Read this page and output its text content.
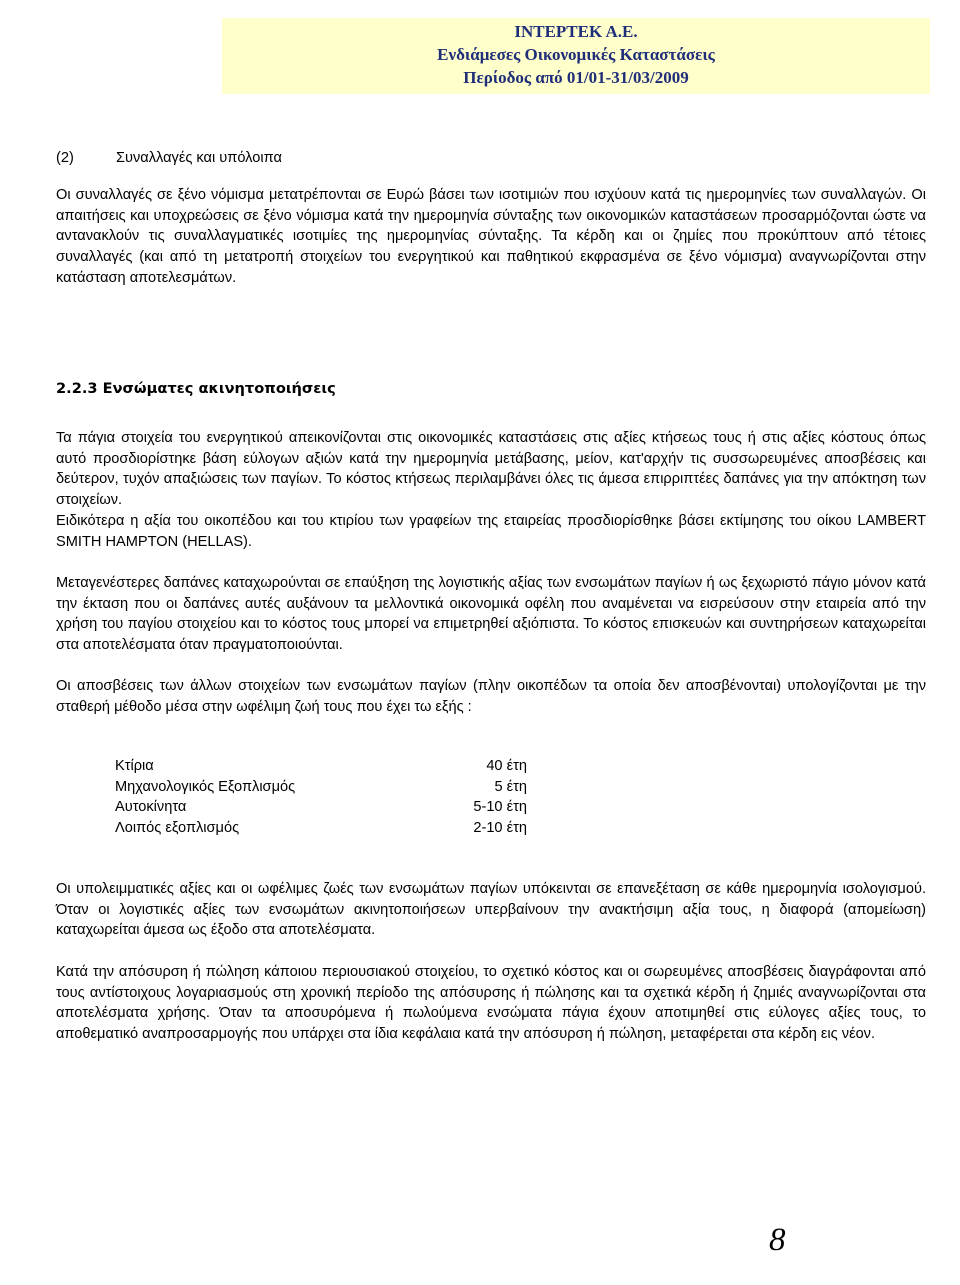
INTEPTEK A.E.
Ενδιάμεσες Οικονομικές Καταστάσεις
Περίοδος από 01/01-31/03/2009
(2)	Συναλλαγές και υπόλοιπα

Οι συναλλαγές σε ξένο νόμισμα μετατρέπονται σε Ευρώ βάσει των ισοτιμιών που ισχύουν κατά τις ημερομηνίες των συναλλαγών. Οι απαιτήσεις και υποχρεώσεις σε ξένο νόμισμα κατά την ημερομηνία σύνταξης των οικονομικών καταστάσεων προσαρμόζονται ώστε να αντανακλούν τις συναλλαγματικές ισοτιμίες της ημερομηνίας σύνταξης. Τα κέρδη και οι ζημίες που προκύπτουν από τέτοιες συναλλαγές (και από τη μετατροπή στοιχείων του ενεργητικού και παθητικού εκφρασμένα σε ξένο νόμισμα) αναγνωρίζονται στην κατάσταση αποτελεσμάτων.

2.2.3 Ενσώματες ακινητοποιήσεις

Τα πάγια στοιχεία του ενεργητικού απεικονίζονται στις οικονομικές καταστάσεις στις αξίες κτήσεως τους ή στις αξίες κόστους όπως αυτό προσδιορίστηκε βάση εύλογων αξιών κατά την ημερομηνία μετάβασης, μείον, κατ'αρχήν τις συσσωρευμένες αποσβέσεις και δεύτερον, τυχόν απαξιώσεις των παγίων. Το κόστος κτήσεως περιλαμβάνει όλες τις άμεσα επιρριπτέες δαπάνες για την απόκτηση των στοιχείων.

Ειδικότερα η αξία του οικοπέδου και του κτιρίου των γραφείων της εταιρείας προσδιορίσθηκε βάσει εκτίμησης του οίκου LAMBERT SMITH HAMPTON (HELLAS).

Μεταγενέστερες δαπάνες καταχωρούνται σε επαύξηση της λογιστικής αξίας των ενσωμάτων παγίων ή ως ξεχωριστό πάγιο μόνον κατά την έκταση που οι δαπάνες αυτές αυξάνουν τα μελλοντικά οικονομικά οφέλη που αναμένεται να εισρεύσουν στην εταιρεία από την χρήση του παγίου στοιχείου και το κόστος τους μπορεί να επιμετρηθεί αξιόπιστα. Το κόστος επισκευών και συντηρήσεων καταχωρείται στα αποτελέσματα όταν πραγματοποιούνται.

Οι αποσβέσεις των άλλων στοιχείων των ενσωμάτων παγίων (πλην οικοπέδων τα οποία δεν αποσβένονται) υπολογίζονται με την σταθερή μέθοδο μέσα στην ωφέλιμη ζωή τους που έχει τω εξής :

Κτίρια	40 έτη
Μηχανολογικός Εξοπλισμός	5 έτη
Αυτοκίνητα	5-10 έτη
Λοιπός εξοπλισμός	2-10 έτη

Οι υπολειμματικές αξίες και οι ωφέλιμες ζωές των ενσωμάτων παγίων υπόκεινται σε επανεξέταση σε κάθε ημερομηνία ισολογισμού. Όταν οι λογιστικές αξίες των ενσωμάτων ακινητοποιήσεων υπερβαίνουν την ανακτήσιμη αξία τους, η διαφορά (απομείωση) καταχωρείται άμεσα ως έξοδο στα αποτελέσματα.

Κατά την απόσυρση ή πώληση κάποιου περιουσιακού στοιχείου, το σχετικό κόστος και οι σωρευμένες αποσβέσεις διαγράφονται από τους αντίστοιχους λογαριασμούς στη χρονική περίοδο της απόσυρσης ή πώλησης και τα σχετικά κέρδη ή ζημιές αναγνωρίζονται στα αποτελέσματα χρήσης. Όταν τα αποσυρόμενα ή πωλούμενα ενσώματα πάγια έχουν αποτιμηθεί στις εύλογες αξίες τους, το αποθεματικό αναπροσαρμογής που υπάρχει στα ίδια κεφάλαια κατά την απόσυρση ή πώληση, μεταφέρεται στα κέρδη εις νέον.

8
